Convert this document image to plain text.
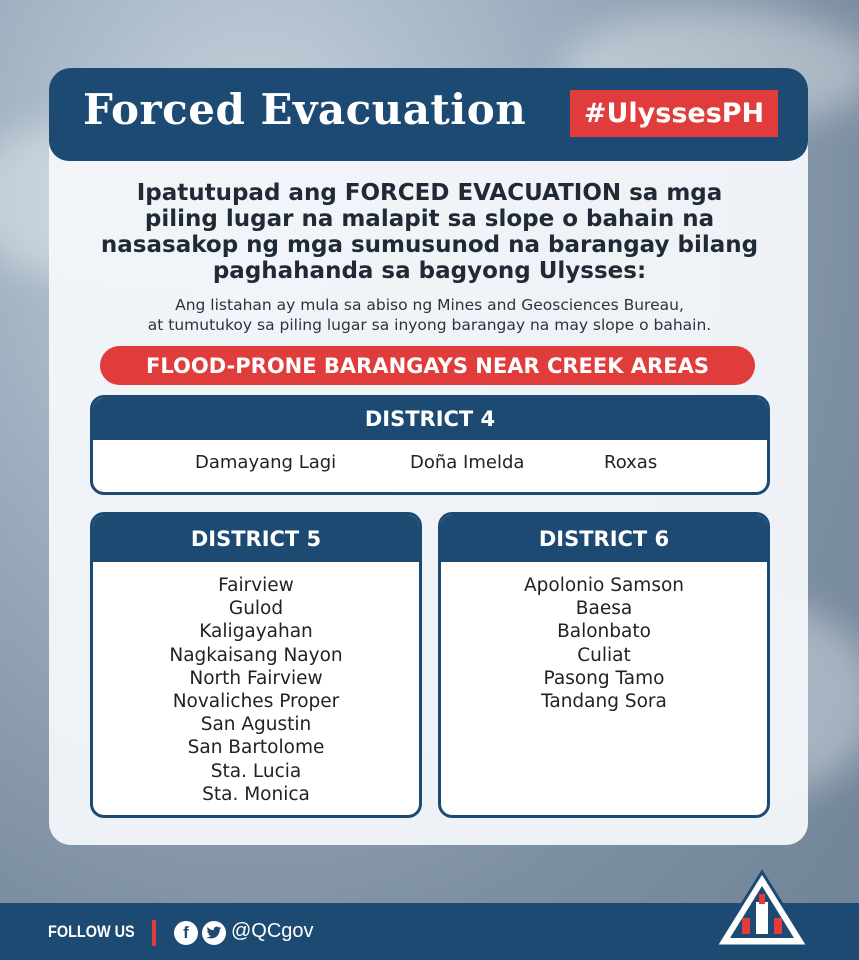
Forced Evacuation	#UlyssesPH
Ipatutupad ang FORCED EVACUATION sa mga
piling lugar na malapit sa slope o bahain na
nasasakop ng mga sumusunod na barangay bilang
paghahanda sa bagyong Ulysses:
Ang listahan ay mula sa abiso ng Mines and Geosciences Bureau,
at tumutukoy sa piling lugar sa inyong barangay na may slope o bahain.
FLOOD-PRONE BARANGAYS NEAR CREEK AREAS
DISTRICT 4
Damayang Lagi	Doña Imelda	Roxas
DISTRICT 5
Fairview
Gulod
Kaligayahan
Nagkaisang Nayon
North Fairview
Novaliches Proper
San Agustin
San Bartolome
Sta. Lucia
Sta. Monica
DISTRICT 6
Apolonio Samson
Baesa
Balonbato
Culiat
Pasong Tamo
Tandang Sora
FOLLOW US	f	@QCgov
